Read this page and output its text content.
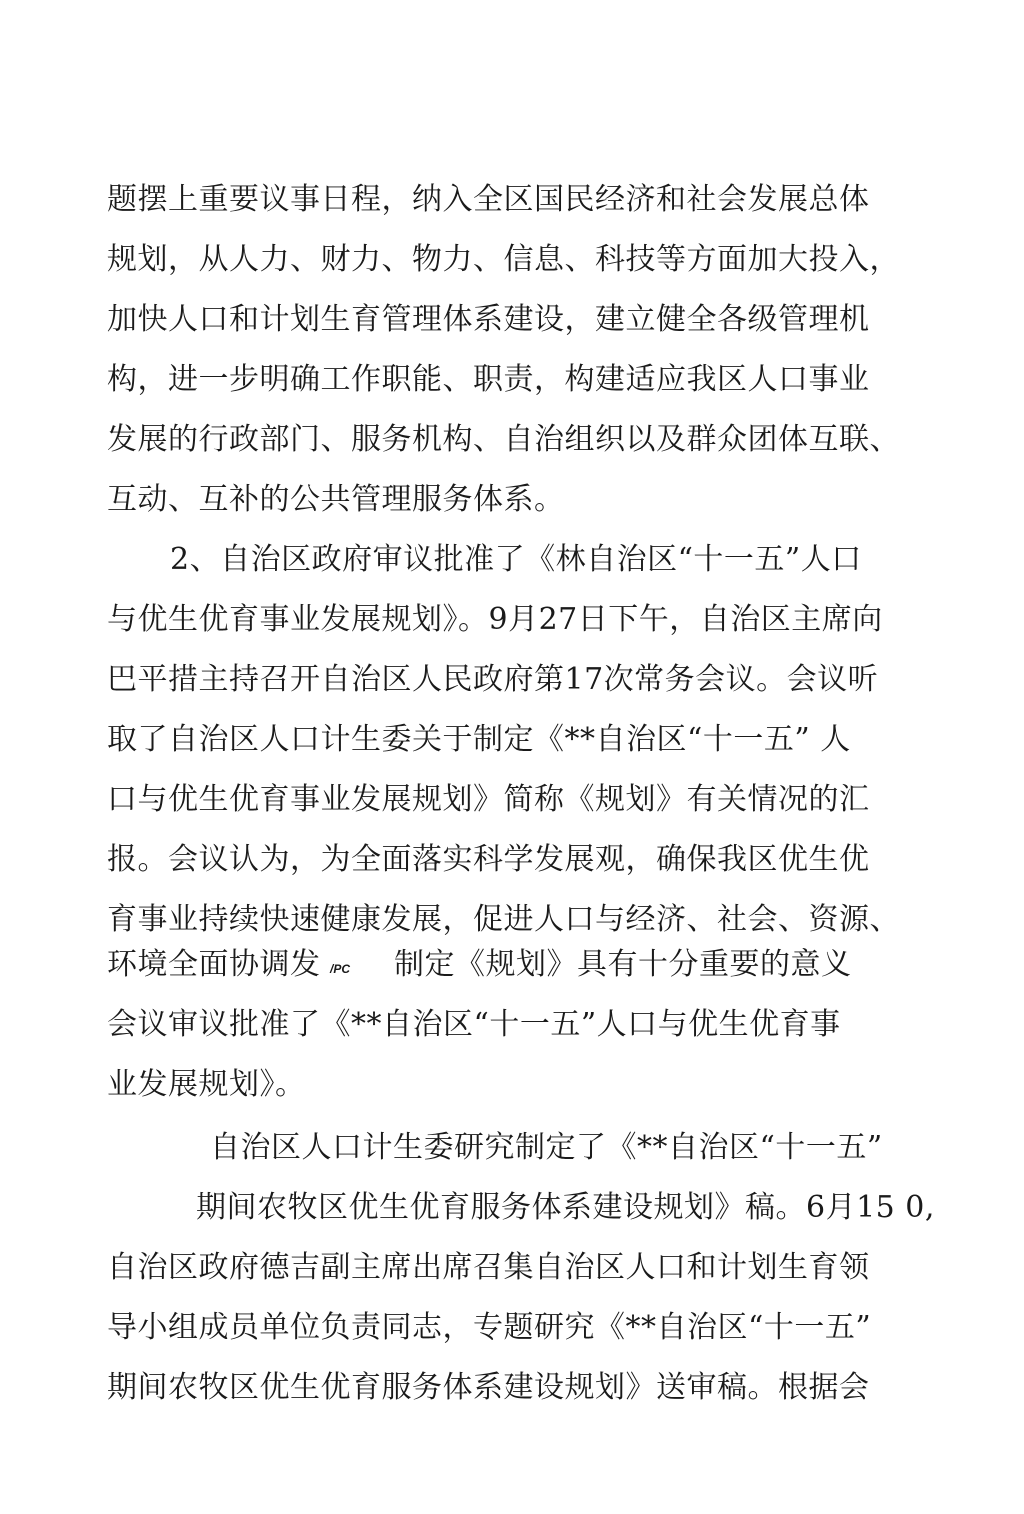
题摆上重要议事日程，纳入全区国民经济和社会发展总体
规划，从人力、财力、物力、信息、科技等方面加大投入，
加快人口和计划生育管理体系建设，建立健全各级管理机
构，进一步明确工作职能、职责，构建适应我区人口事业
发展的行政部门、服务机构、自治组织以及群众团体互联、
互动、互补的公共管理服务体系。
2、自治区政府审议批准了《林自治区“十一五”人口
与优生优育事业发展规划》。9月27日下午，自治区主席向
巴平措主持召开自治区人民政府第17次常务会议。会议听
取了自治区人口计生委关于制定《**自治区“十一五” 人
口与优生优育事业发展规划》简称《规划》有关情况的汇
报。会议认为，为全面落实科学发展观，确保我区优生优
育事业持续快速健康发展，促进人口与经济、社会、资源、
环境全面协调发 /PC 制定《规划》具有十分重要的意义
会议审议批准了《**自治区“十一五”人口与优生优育事
业发展规划》。
自治区人口计生委研究制定了《**自治区“十一五”
期间农牧区优生优育服务体系建设规划》稿。6月15 0,
自治区政府德吉副主席出席召集自治区人口和计划生育领
导小组成员单位负责同志，专题研究《**自治区“十一五”
期间农牧区优生优育服务体系建设规划》送审稿。根据会
